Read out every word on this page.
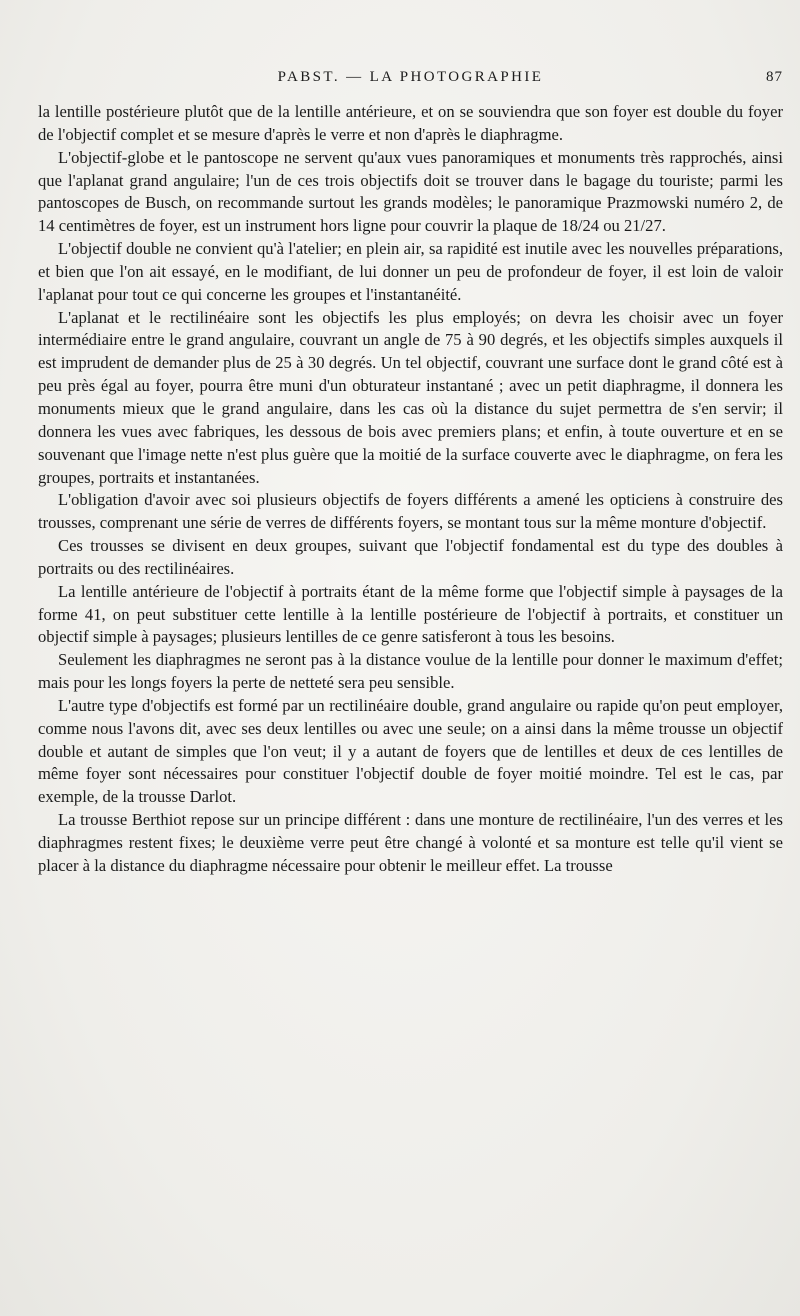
PABST. — LA PHOTOGRAPHIE	87

la lentille postérieure plutôt que de la lentille antérieure, et on se souviendra que son foyer est double du foyer de l'objectif complet et se mesure d'après le verre et non d'après le diaphragme.

L'objectif-globe et le pantoscope ne servent qu'aux vues panoramiques et monuments très rapprochés, ainsi que l'aplanat grand angulaire; l'un de ces trois objectifs doit se trouver dans le bagage du touriste; parmi les pantoscopes de Busch, on recommande surtout les grands modèles; le panoramique Prazmowski numéro 2, de 14 centimètres de foyer, est un instrument hors ligne pour couvrir la plaque de 18/24 ou 21/27.

L'objectif double ne convient qu'à l'atelier; en plein air, sa rapidité est inutile avec les nouvelles préparations, et bien que l'on ait essayé, en le modifiant, de lui donner un peu de profondeur de foyer, il est loin de valoir l'aplanat pour tout ce qui concerne les groupes et l'instantanéité.

L'aplanat et le rectilinéaire sont les objectifs les plus employés; on devra les choisir avec un foyer intermédiaire entre le grand angulaire, couvrant un angle de 75 à 90 degrés, et les objectifs simples auxquels il est imprudent de demander plus de 25 à 30 degrés. Un tel objectif, couvrant une surface dont le grand côté est à peu près égal au foyer, pourra être muni d'un obturateur instantané ; avec un petit diaphragme, il donnera les monuments mieux que le grand angulaire, dans les cas où la distance du sujet permettra de s'en servir; il donnera les vues avec fabriques, les dessous de bois avec premiers plans; et enfin, à toute ouverture et en se souvenant que l'image nette n'est plus guère que la moitié de la surface couverte avec le diaphragme, on fera les groupes, portraits et instantanées.

L'obligation d'avoir avec soi plusieurs objectifs de foyers différents a amené les opticiens à construire des trousses, comprenant une série de verres de différents foyers, se montant tous sur la même monture d'objectif.

Ces trousses se divisent en deux groupes, suivant que l'objectif fondamental est du type des doubles à portraits ou des rectilinéaires.

La lentille antérieure de l'objectif à portraits étant de la même forme que l'objectif simple à paysages de la forme 41, on peut substituer cette lentille à la lentille postérieure de l'objectif à portraits, et constituer un objectif simple à paysages; plusieurs lentilles de ce genre satisferont à tous les besoins.

Seulement les diaphragmes ne seront pas à la distance voulue de la lentille pour donner le maximum d'effet; mais pour les longs foyers la perte de netteté sera peu sensible.

L'autre type d'objectifs est formé par un rectilinéaire double, grand angulaire ou rapide qu'on peut employer, comme nous l'avons dit, avec ses deux lentilles ou avec une seule; on a ainsi dans la même trousse un objectif double et autant de simples que l'on veut; il y a autant de foyers que de lentilles et deux de ces lentilles de même foyer sont nécessaires pour constituer l'objectif double de foyer moitié moindre. Tel est le cas, par exemple, de la trousse Darlot.

La trousse Berthiot repose sur un principe différent : dans une monture de rectilinéaire, l'un des verres et les diaphragmes restent fixes; le deuxième verre peut être changé à volonté et sa monture est telle qu'il vient se placer à la distance du diaphragme nécessaire pour obtenir le meilleur effet. La trousse
